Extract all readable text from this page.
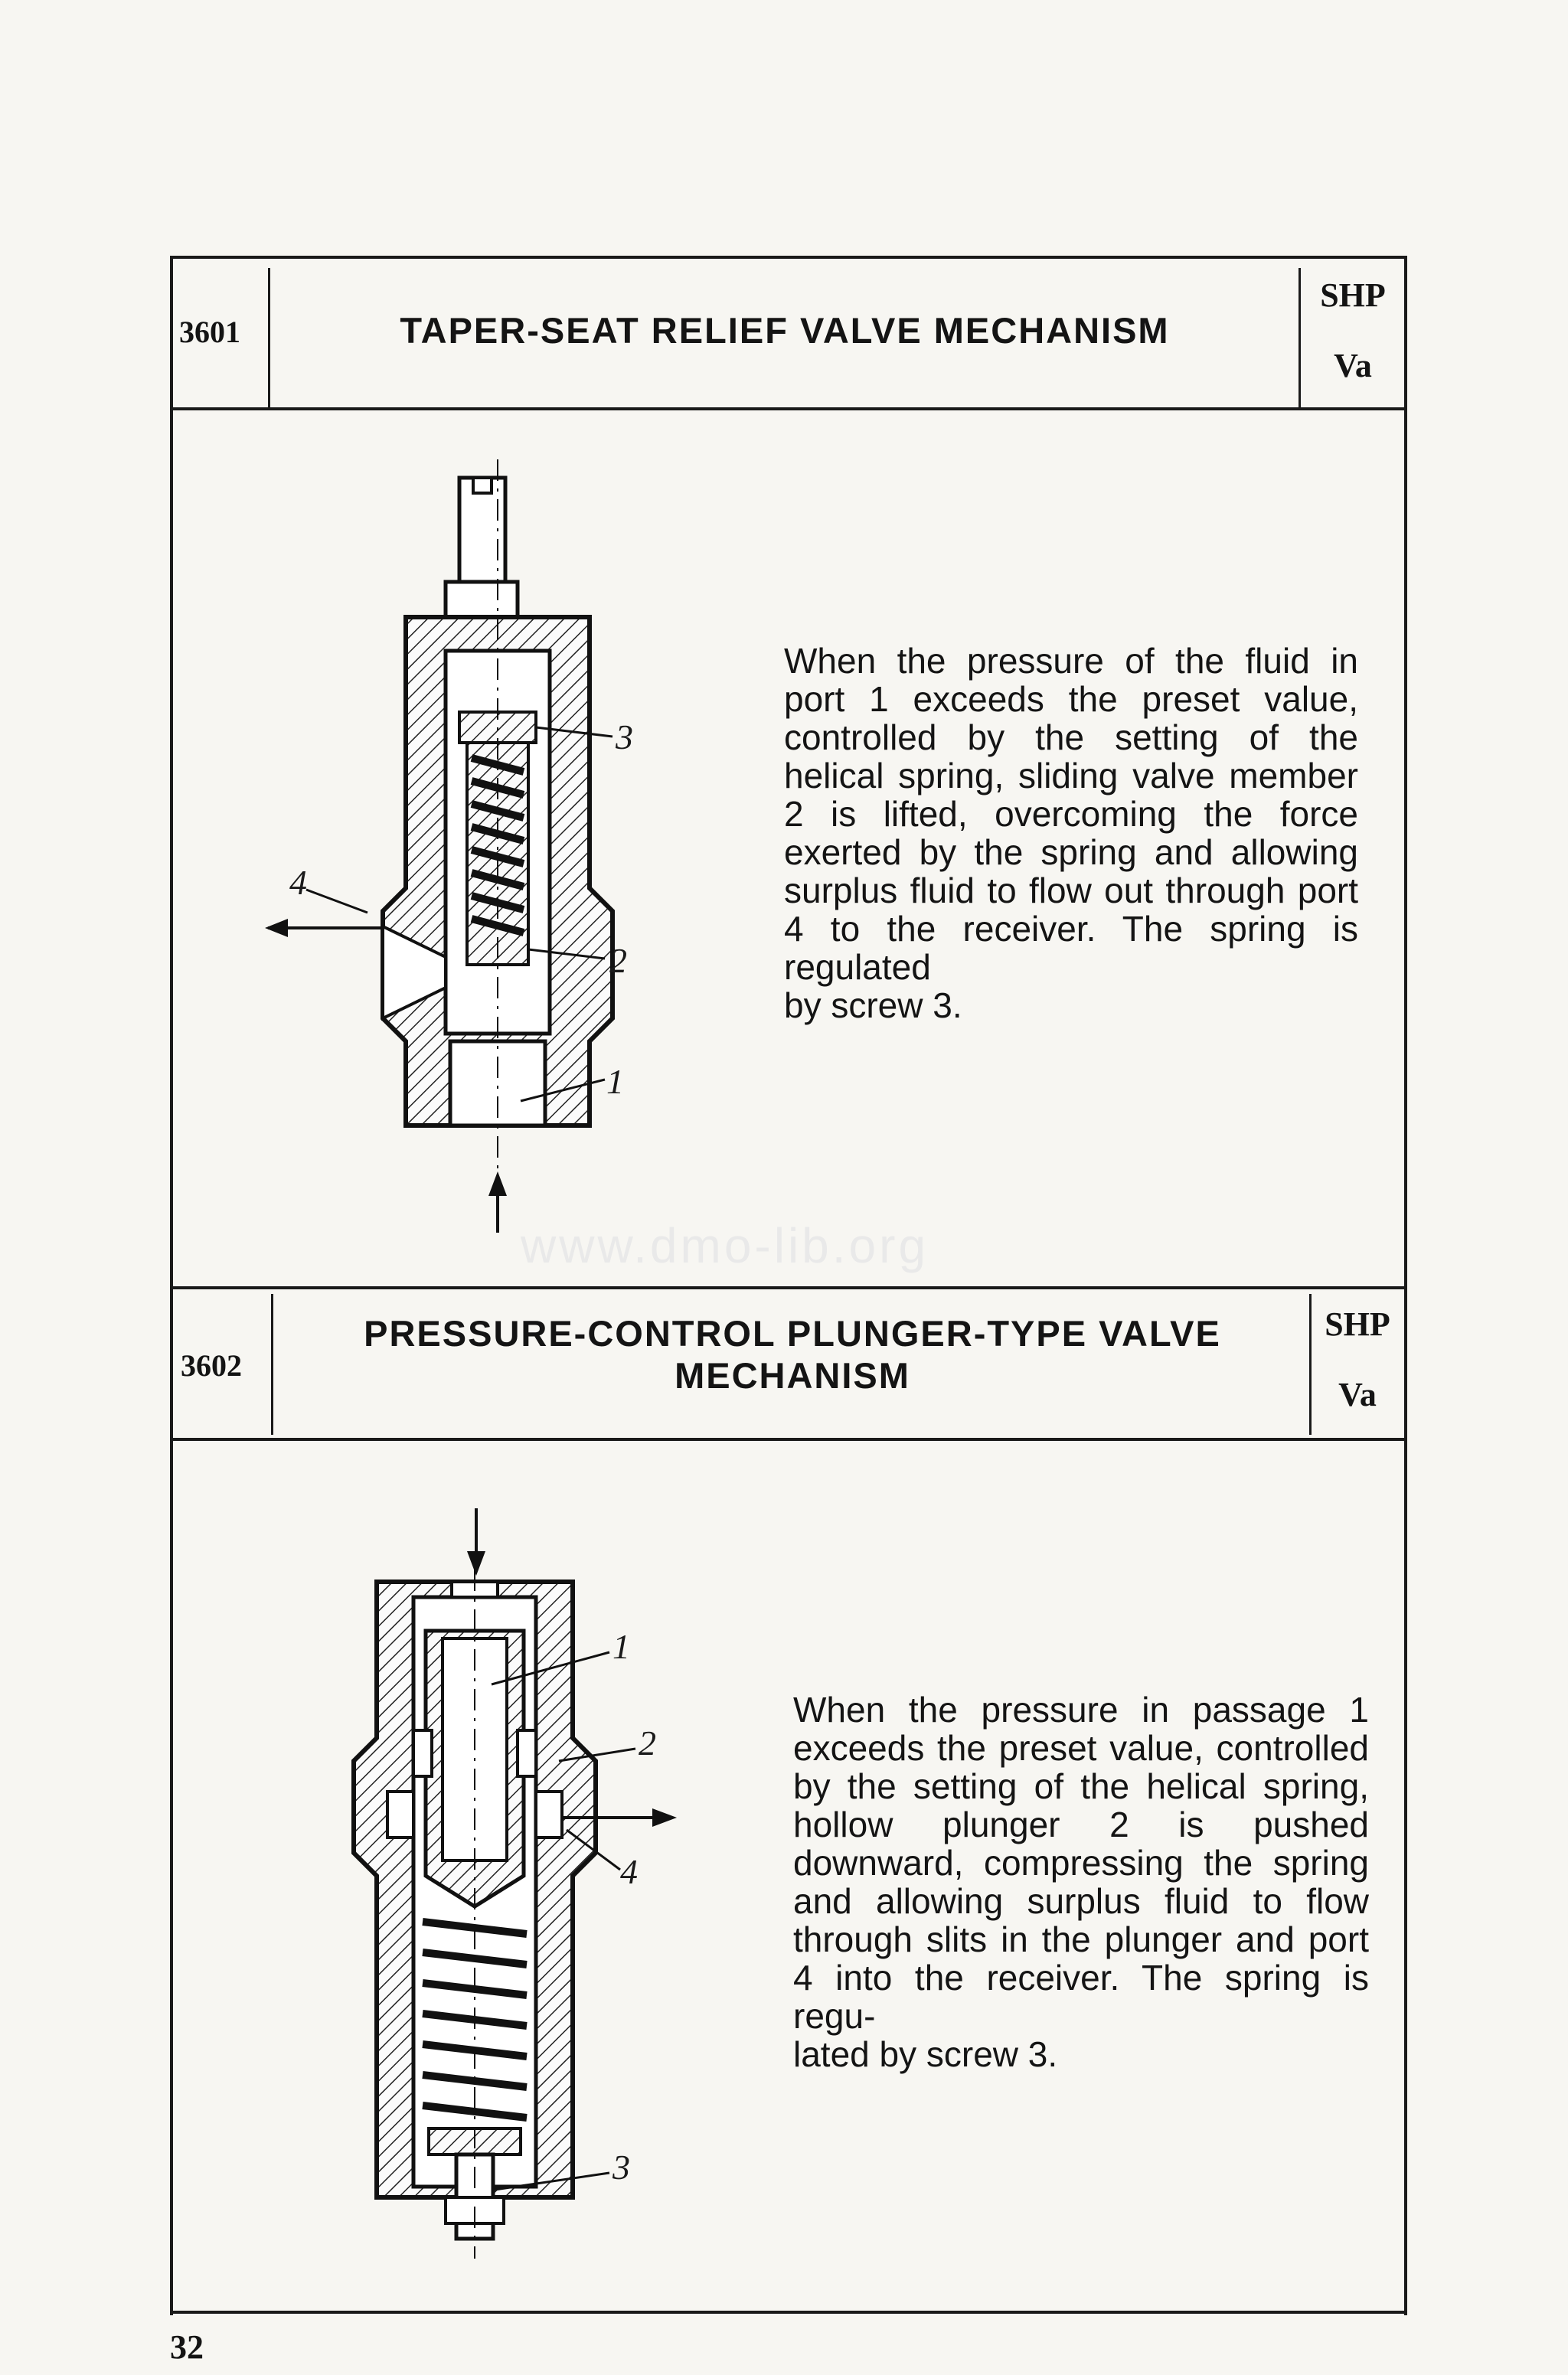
www.dmo-lib.org
3601	TAPER-SEAT RELIEF VALVE MECHANISM
SHP
Va
3
2
1
4
When the pressure of the fluid in port 1 exceeds the preset value, controlled by the setting of the helical spring, sliding valve member 2 is lifted, overcoming the force exerted by the spring and allowing surplus fluid to flow out through port 4 to the receiver. The spring is regulated
by screw 3.
3602
PRESSURE-CONTROL PLUNGER-TYPE VALVE
MECHANISM
SHP
Va
1
2
4
3
When the pressure in passage 1 exceeds the preset value, controlled by the setting of the helical spring, hollow plunger 2 is pushed downward, compressing the spring and allowing surplus fluid to flow through slits in the plunger and port 4 into the receiver. The spring is regu-
lated by screw 3.
32
